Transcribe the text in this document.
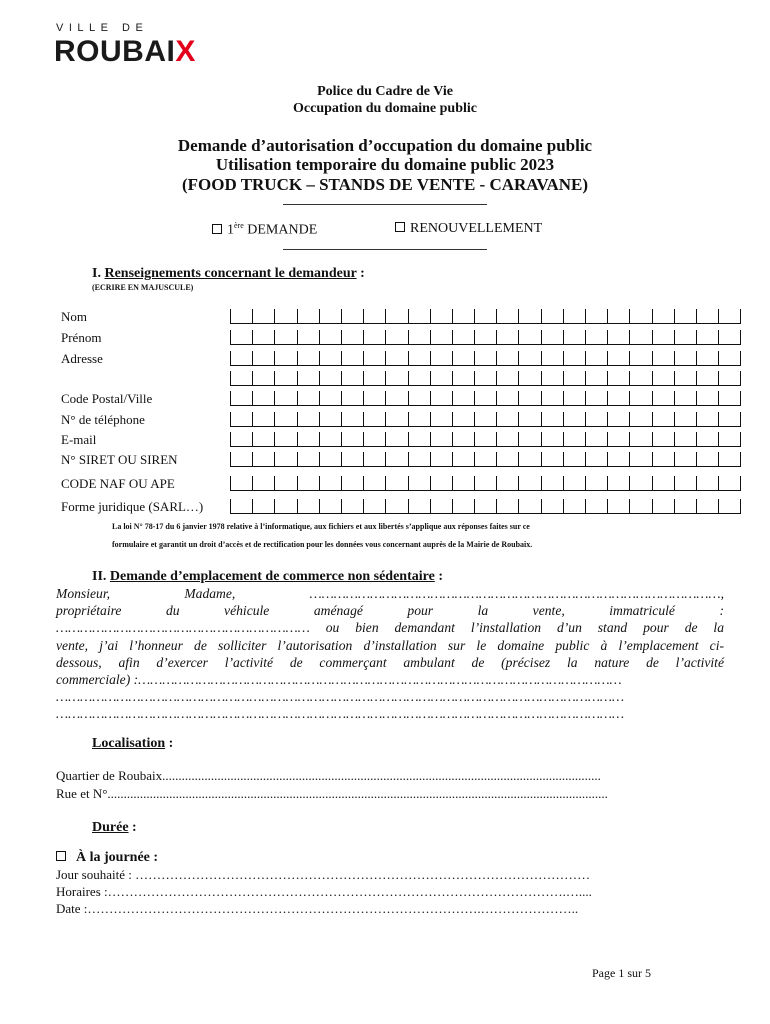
VILLE DE
ROUBAIX
Police du Cadre de Vie
Occupation du domaine public
Demande d’autorisation d’occupation du domaine public
Utilisation temporaire du domaine public 2023
(FOOD TRUCK – STANDS DE VENTE - CARAVANE)
1ère DEMANDE	RENOUVELLEMENT
I. Renseignements concernant le demandeur :
(ECRIRE EN MAJUSCULE)
Nom
Prénom
Adresse
Code Postal/Ville
N° de téléphone
E-mail
N° SIRET OU SIREN
CODE NAF OU APE
Forme juridique (SARL…)
La loi N° 78-17 du 6 janvier 1978 relative à l’informatique, aux fichiers et aux libertés s’applique aux réponses faites sur ce
formulaire et garantit un droit d’accès et de rectification pour les données vous concernant auprès de la Mairie de Roubaix.
II. Demande d’emplacement de commerce non sédentaire :
Monsieur, Madame, …………………………………………………………………………………………,
propriétaire du véhicule aménagé pour la vente, immatriculé :
……………………………………………………… ou bien demandant l’installation d’un stand pour de la
vente, j’ai l’honneur de solliciter l’autorisation d’installation sur le domaine public à l’emplacement ci-
dessous, afin d’exercer l’activité de commerçant ambulant de (précisez la nature de l’activité
commerciale) :…………………………………………………………………………………………………………
……………………………………………………………………………………………………………………………
……………………………………………………………………………………………………………………………
Localisation :
Quartier de Roubaix.......................................................................................................................................
Rue et N°..........................................................................................................................................................
Durée :
À la journée :
Jour souhaité : ……………………………………………………………………………………………
Horaires :…………………………………………………………………………………………….…....
Date :……………………………………………………………………………….…………………..
Page 1 sur 5
